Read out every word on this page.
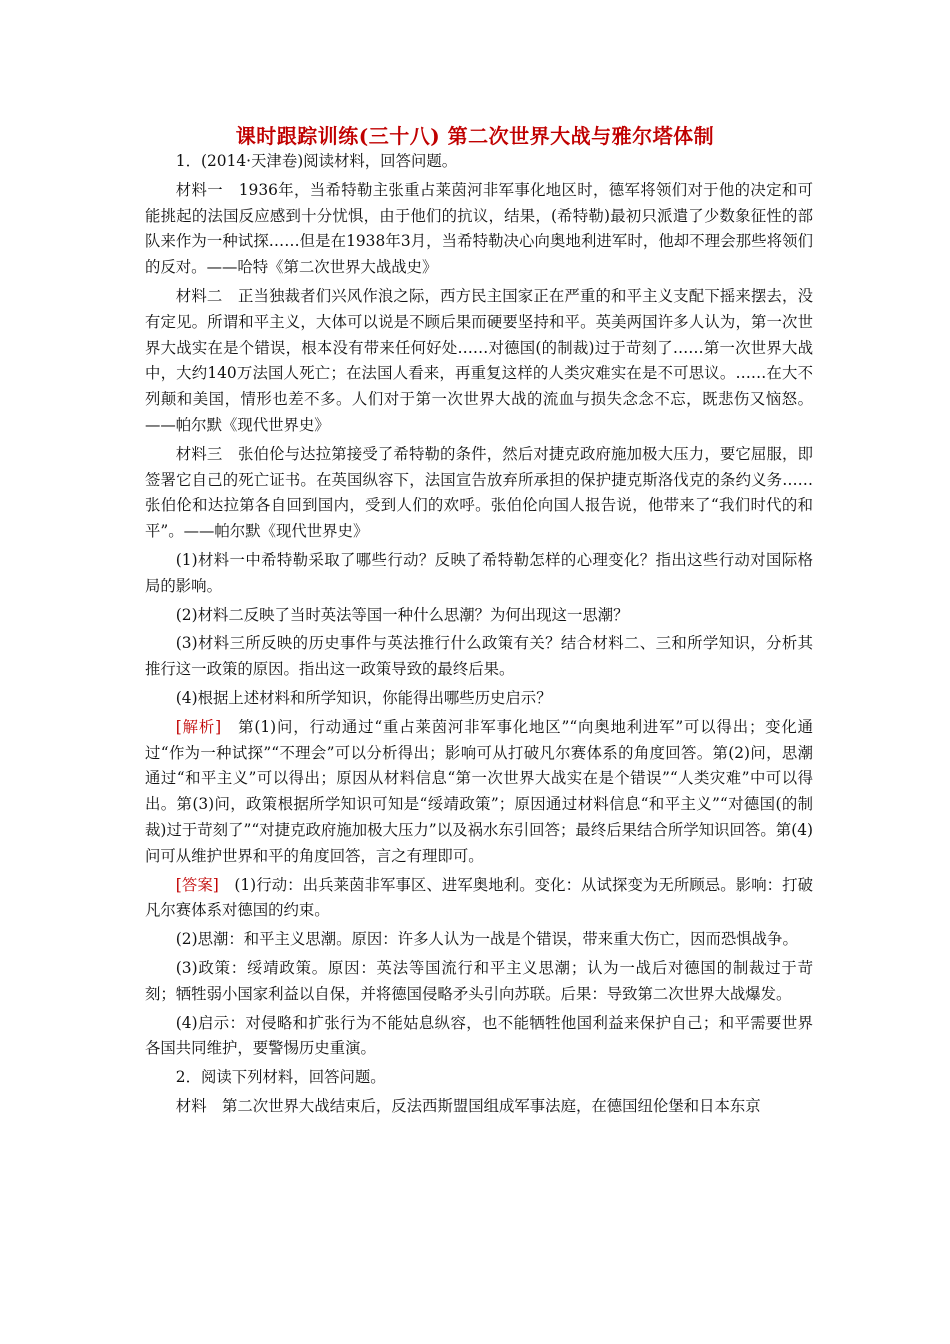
课时跟踪训练(三十八) 第二次世界大战与雅尔塔体制

1．(2014·天津卷)阅读材料，回答问题。

材料一　1936年，当希特勒主张重占莱茵河非军事化地区时，德军将领们对于他的决定和可能挑起的法国反应感到十分忧惧，由于他们的抗议，结果，(希特勒)最初只派遣了少数象征性的部队来作为一种试探……但是在1938年3月，当希特勒决心向奥地利进军时，他却不理会那些将领们的反对。——哈特《第二次世界大战战史》

材料二　正当独裁者们兴风作浪之际，西方民主国家正在严重的和平主义支配下摇来摆去，没有定见。所谓和平主义，大体可以说是不顾后果而硬要坚持和平。英美两国许多人认为，第一次世界大战实在是个错误，根本没有带来任何好处……对德国(的制裁)过于苛刻了……第一次世界大战中，大约140万法国人死亡；在法国人看来，再重复这样的人类灾难实在是不可思议。……在大不列颠和美国，情形也差不多。人们对于第一次世界大战的流血与损失念念不忘，既悲伤又恼怒。——帕尔默《现代世界史》

材料三　张伯伦与达拉第接受了希特勒的条件，然后对捷克政府施加极大压力，要它屈服，即签署它自己的死亡证书。在英国纵容下，法国宣告放弃所承担的保护捷克斯洛伐克的条约义务……张伯伦和达拉第各自回到国内，受到人们的欢呼。张伯伦向国人报告说，他带来了“我们时代的和平”。——帕尔默《现代世界史》

(1)材料一中希特勒采取了哪些行动？反映了希特勒怎样的心理变化？指出这些行动对国际格局的影响。

(2)材料二反映了当时英法等国一种什么思潮？为何出现这一思潮？

(3)材料三所反映的历史事件与英法推行什么政策有关？结合材料二、三和所学知识，分析其推行这一政策的原因。指出这一政策导致的最终后果。

(4)根据上述材料和所学知识，你能得出哪些历史启示？

[解析]　第(1)问，行动通过“重占莱茵河非军事化地区”“向奥地利进军”可以得出；变化通过“作为一种试探”“不理会”可以分析得出；影响可从打破凡尔赛体系的角度回答。第(2)问，思潮通过“和平主义”可以得出；原因从材料信息“第一次世界大战实在是个错误”“人类灾难”中可以得出。第(3)问，政策根据所学知识可知是“绥靖政策”；原因通过材料信息“和平主义”“对德国(的制裁)过于苛刻了”“对捷克政府施加极大压力”以及祸水东引回答；最终后果结合所学知识回答。第(4)问可从维护世界和平的角度回答，言之有理即可。

[答案]　(1)行动：出兵莱茵非军事区、进军奥地利。变化：从试探变为无所顾忌。影响：打破凡尔赛体系对德国的约束。

(2)思潮：和平主义思潮。原因：许多人认为一战是个错误，带来重大伤亡，因而恐惧战争。

(3)政策：绥靖政策。原因：英法等国流行和平主义思潮；认为一战后对德国的制裁过于苛刻；牺牲弱小国家利益以自保，并将德国侵略矛头引向苏联。后果：导致第二次世界大战爆发。

(4)启示：对侵略和扩张行为不能姑息纵容，也不能牺牲他国利益来保护自己；和平需要世界各国共同维护，要警惕历史重演。

2．阅读下列材料，回答问题。

材料　第二次世界大战结束后，反法西斯盟国组成军事法庭，在德国纽伦堡和日本东京
